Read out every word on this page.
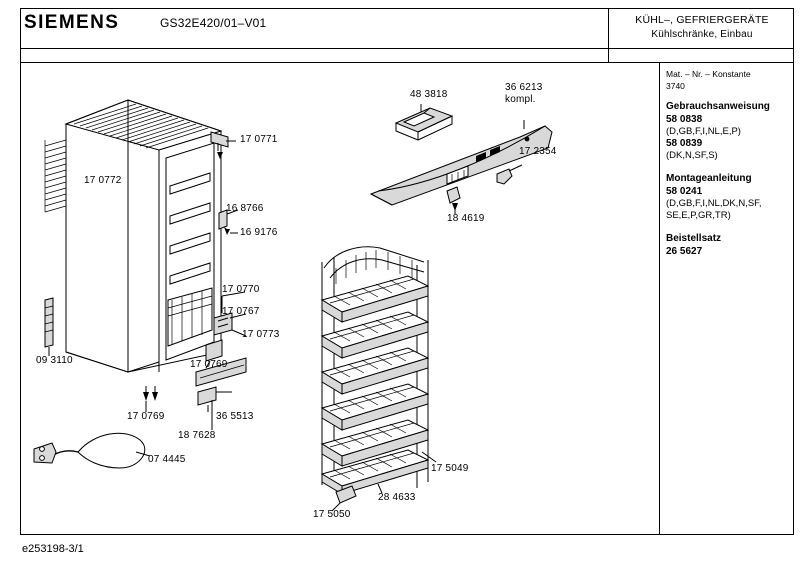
SIEMENS	GS32E420/01–V01	KÜHL–, GEFRIERGERÄTE
Kühlschränke, Einbau
Mat. – Nr. – Konstante
3740
Gebrauchsanweisung
58 0838
(D,GB,F,I,NL,E,P)
58 0839
(DK,N,SF,S)
Montageanleitung
58 0241
(D,GB,F,I,NL,DK,N,SF,
SE,E,P,GR,TR)
Beistellsatz
26 5627
e253198-3/1
17 0771
17 0772
16 8766
16 9176
17 0770
17 0767
17 0773
17 0769
09 3110
17 0769	36 5513
18 7628
07 4445
48 3818
36 6213
kompl.
17 2354
18 4619
17 5049
28 4633
17 5050
